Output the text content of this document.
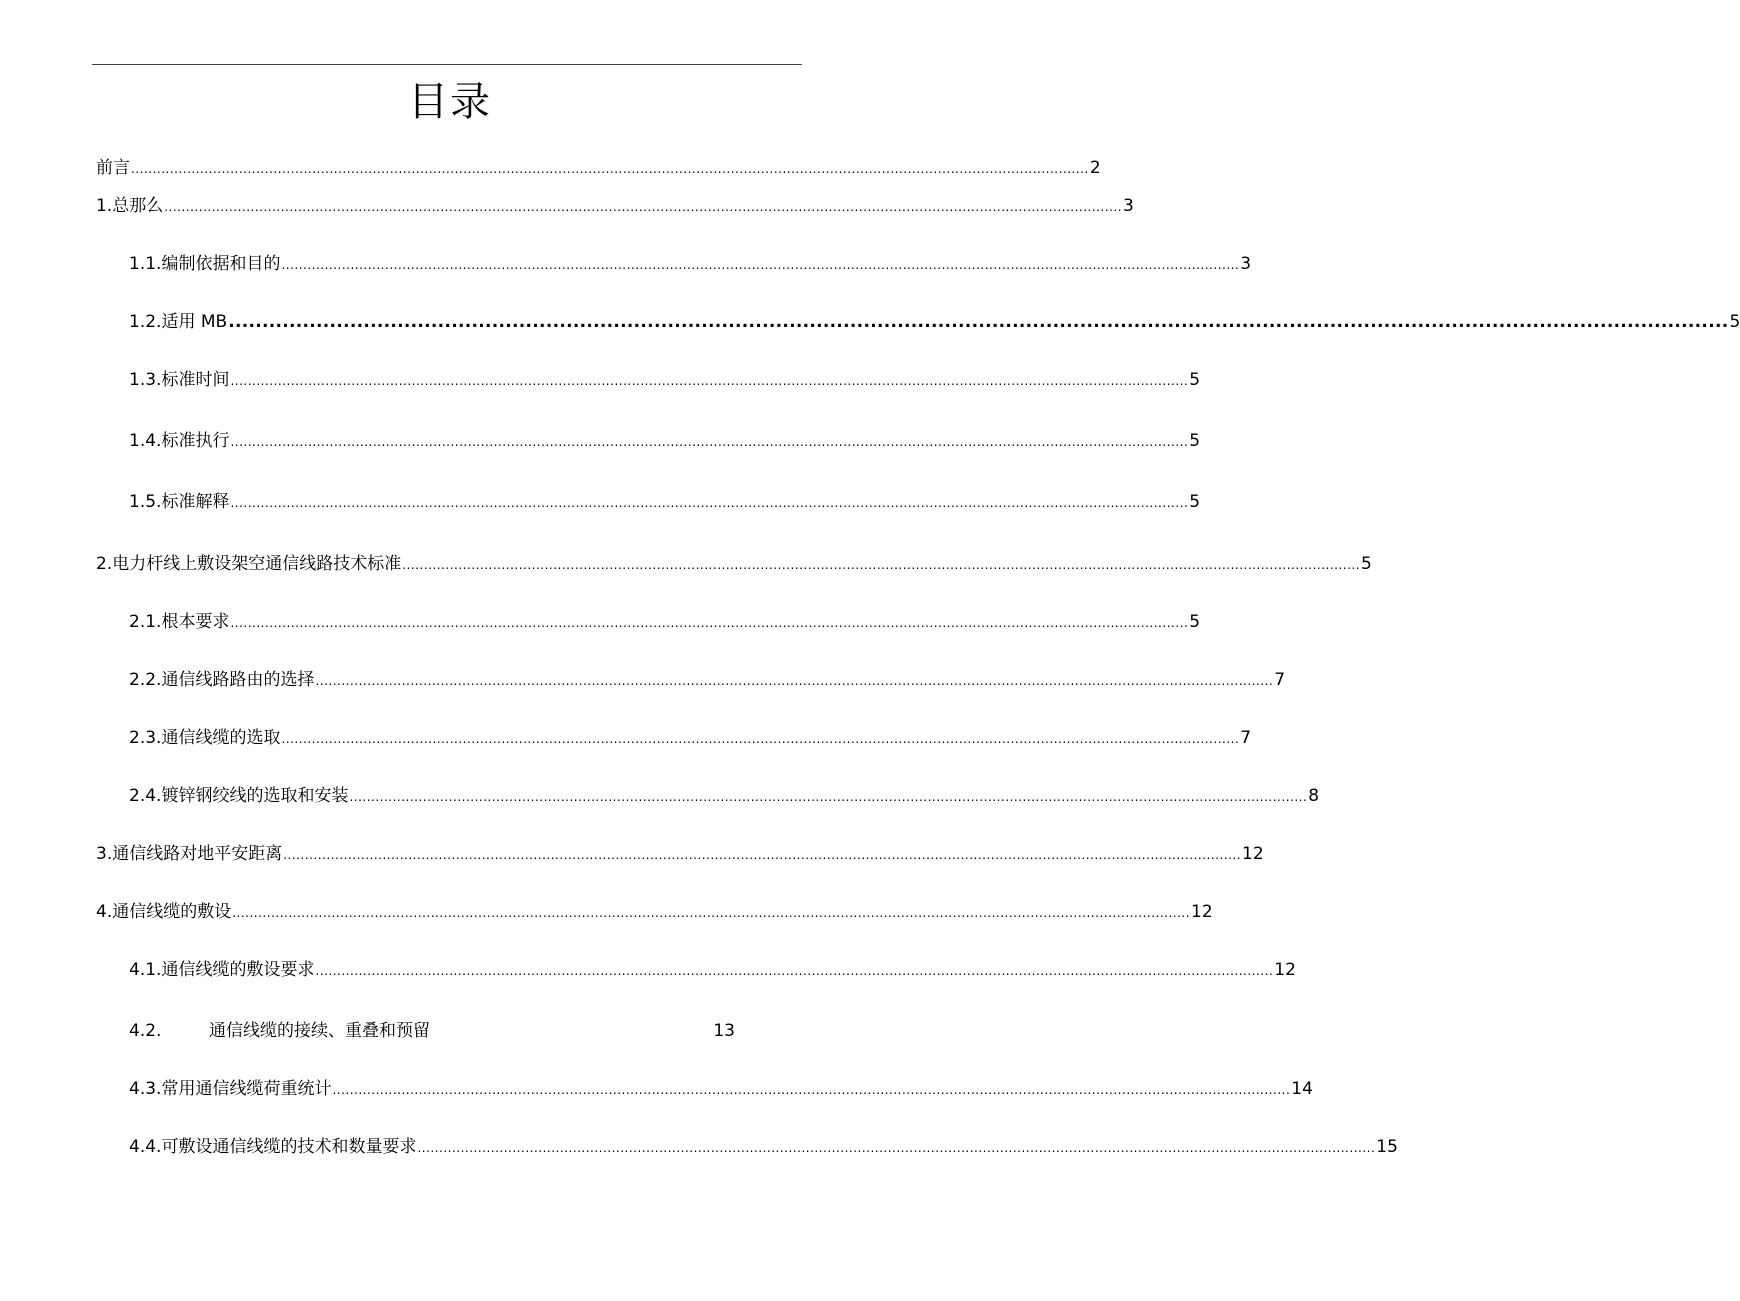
目录
前言 .............................................................................................................................................................................................................................. 2
1 .总那么 .............................................................................................................................................................................................................................. 3
1.1. 编制依据和目的 .............................................................................................................................................................................................................................. 3
1.2. 适用 MB .............................................................................................................................................................................................................................. 5
1.3. 标准时间 .............................................................................................................................................................................................................................. 5
1.4. 标准执行 .............................................................................................................................................................................................................................. 5
1.5. 标准解释 .............................................................................................................................................................................................................................. 5
2 .电力杆线上敷设架空通信线路技术标准 .............................................................................................................................................................................................................................. 5
2.1. 根本要求 .............................................................................................................................................................................................................................. 5
2.2. 通信线路路由的选择 .............................................................................................................................................................................................................................. 7
2.3. 通信线缆的选取 .............................................................................................................................................................................................................................. 7
2.4. 镀锌钢绞线的选取和安装 .............................................................................................................................................................................................................................. 8
3 .通信线路对地平安距离 .............................................................................................................................................................................................................................. 12
4 .通信线缆的敷设 .............................................................................................................................................................................................................................. 12
4.1. 通信线缆的敷设要求 .............................................................................................................................................................................................................................. 12
4.2.	通信线缆的接续、重叠和预留	13
4.3. 常用通信线缆荷重统计 .............................................................................................................................................................................................................................. 14
4.4. 可敷设通信线缆的技术和数量要求 .............................................................................................................................................................................................................................. 15
